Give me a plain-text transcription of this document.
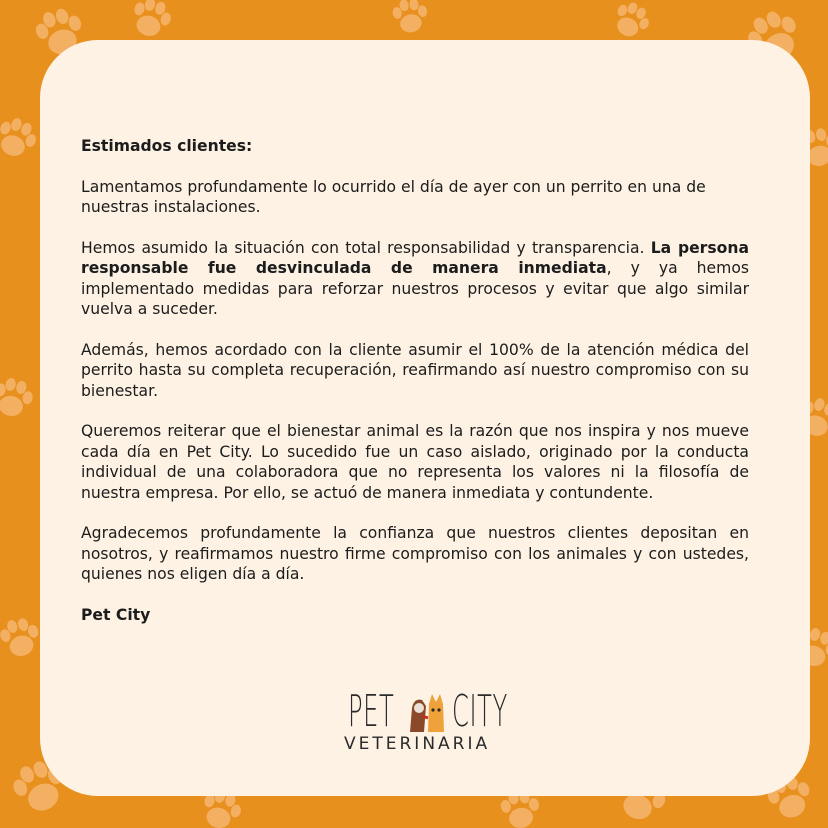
Estimados clientes:

Lamentamos profundamente lo ocurrido el día de ayer con un perrito en una de nuestras instalaciones.

Hemos asumido la situación con total responsabilidad y transparencia. La persona responsable fue desvinculada de manera inmediata, y ya hemos implementado medidas para reforzar nuestros procesos y evitar que algo similar vuelva a suceder.

Además, hemos acordado con la cliente asumir el 100% de la atención médica del perrito hasta su completa recuperación, reafirmando así nuestro compromiso con su bienestar.

Queremos reiterar que el bienestar animal es la razón que nos inspira y nos mueve cada día en Pet City. Lo sucedido fue un caso aislado, originado por la conducta individual de una colaboradora que no representa los valores ni la filosofía de nuestra empresa. Por ello, se actuó de manera inmediata y contundente.

Agradecemos profundamente la confianza que nuestros clientes depositan en nosotros, y reafirmamos nuestro firme compromiso con los animales y con ustedes, quienes nos eligen día a día.

Pet City

PET CITY
VETERINARIA
